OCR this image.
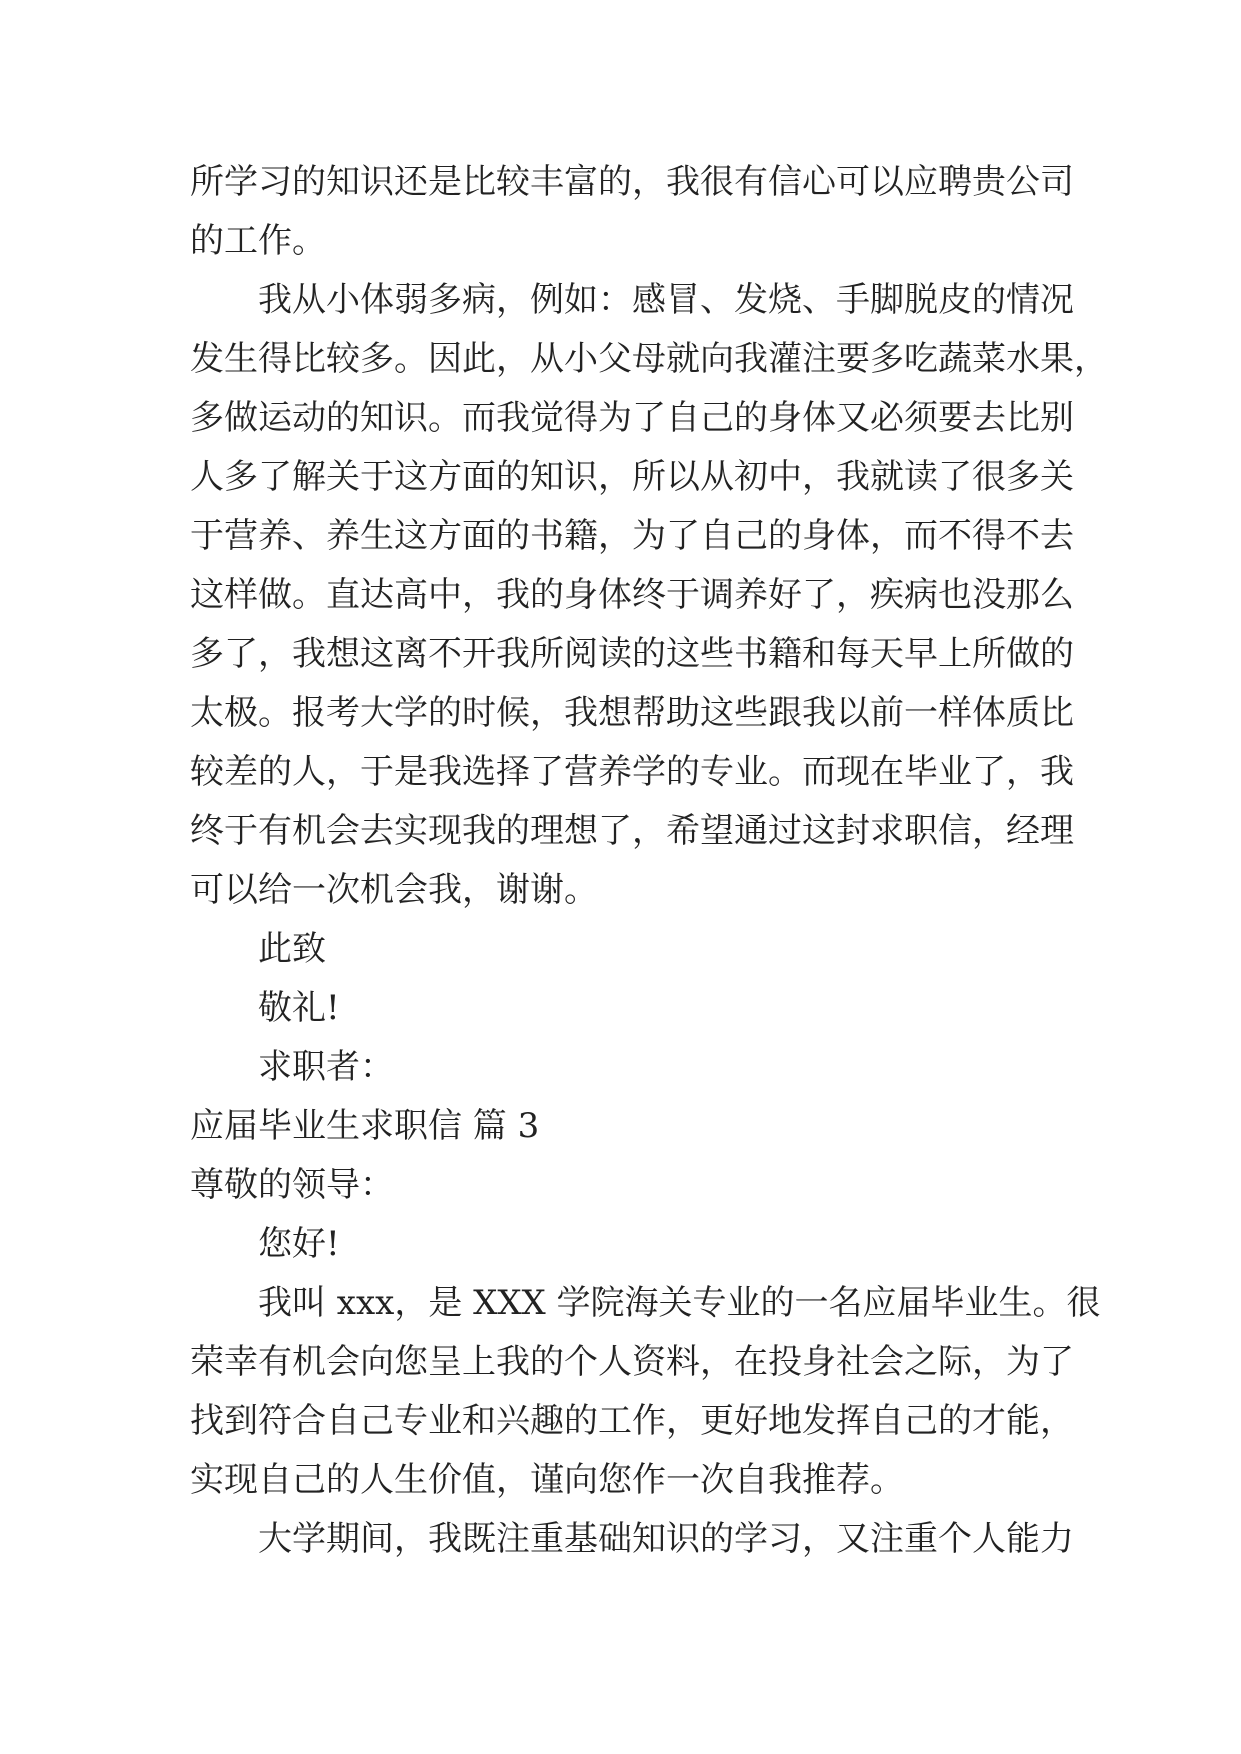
所学习的知识还是比较丰富的，我很有信心可以应聘贵公司
的工作。
我从小体弱多病，例如：感冒、发烧、手脚脱皮的情况
发生得比较多。因此，从小父母就向我灌注要多吃蔬菜水果，
多做运动的知识。而我觉得为了自己的身体又必须要去比别
人多了解关于这方面的知识，所以从初中，我就读了很多关
于营养、养生这方面的书籍，为了自己的身体，而不得不去
这样做。直达高中，我的身体终于调养好了，疾病也没那么
多了，我想这离不开我所阅读的这些书籍和每天早上所做的
太极。报考大学的时候，我想帮助这些跟我以前一样体质比
较差的人，于是我选择了营养学的专业。而现在毕业了，我
终于有机会去实现我的理想了，希望通过这封求职信，经理
可以给一次机会我，谢谢。
此致
敬礼!
求职者：
应届毕业生求职信 篇 3
尊敬的领导：
您好!
我叫 xxx，是 XXX 学院海关专业的一名应届毕业生。很
荣幸有机会向您呈上我的个人资料，在投身社会之际，为了
找到符合自己专业和兴趣的工作，更好地发挥自己的才能，
实现自己的人生价值，谨向您作一次自我推荐。
大学期间，我既注重基础知识的学习，又注重个人能力
